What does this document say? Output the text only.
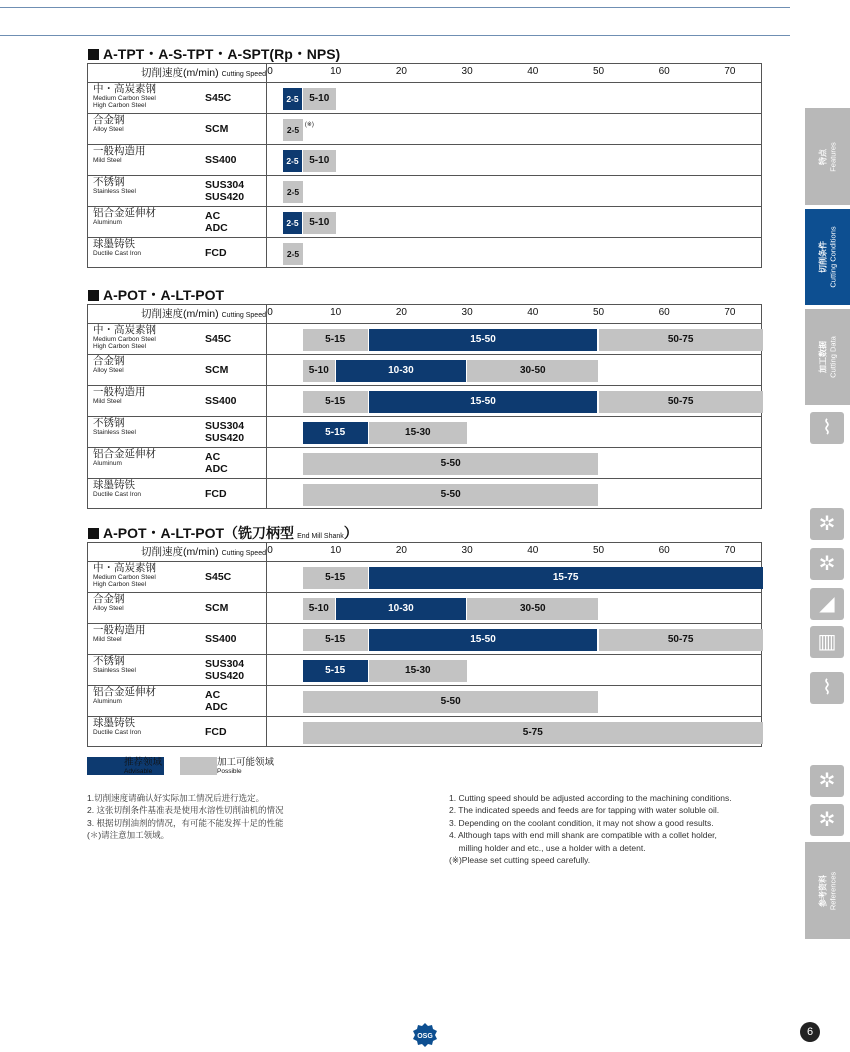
A-TPT・A-S-TPT・A-SPT(Rp・NPS)
切削速度(m/min) Cutting Speed 0	10	20	30	40	50	60	70
中・高炭素钢
Medium Carbon Steel
High Carbon Steel
S45C	2-5	5-10
合金钢
Alloy Steel	SCM	2-5 (※)
一般构造用
Mild Steel	SS400	2-5	5-10
不锈钢
Stainless Steel
SUS304
SUS420	2-5
铝合金延伸材
Aluminum
AC
ADC	2-5	5-10
球墨铸铁
Ductile Cast Iron	FCD	2-5
A-POT・A-LT-POT
切削速度(m/min) Cutting Speed 0	10	20	30	40	50	60	70
中・高炭素钢
Medium Carbon Steel
High Carbon Steel
S45C	5-15	15-50	50-75
合金钢
Alloy Steel	SCM	5-10	10-30	30-50
一般构造用
Mild Steel	SS400	5-15	15-50	50-75
不锈钢
Stainless Steel
SUS304
SUS420	5-15	15-30
铝合金延伸材
Aluminum
AC
ADC	5-50
球墨铸铁
Ductile Cast Iron	FCD	5-50
A-POT・A-LT-POT（铣刀柄型 End Mill Shank）
切削速度(m/min) Cutting Speed 0	10	20	30	40	50	60	70
中・高炭素钢
Medium Carbon Steel
High Carbon Steel
S45C	5-15	15-75
合金钢
Alloy Steel	SCM	5-10	10-30	30-50
一般构造用
Mild Steel	SS400	5-15	15-50	50-75
不锈钢
Stainless Steel
SUS304
SUS420	5-15	15-30
铝合金延伸材
Aluminum
AC
ADC	5-50
球墨铸铁
Ductile Cast Iron	FCD	5-75
推荐领域
Advisable
加工可能领域
Possible
1.切削速度请确认好实际加工情况后进行选定。
2. 这张切削条件基准表是使用水溶性切削油机的情况
3. 根据切削油剂的情况，有可能不能发挥十足的性能
(＊)请注意加工领域。
1. Cutting speed should be adjusted according to the machining conditions.
2. The indicated speeds and feeds are for tapping with water soluble oil.
3. Depending on the coolant condition, it may not show a good results.
4. Although taps with end mill shank are compatible with a collet holder,
milling holder and etc., use a holder with a detent.
(※)Please set cutting speed carefully.
特点 Features
切削条件 Cutting Conditions
加工数据 Cutting Data
⌇
A-SFT
✲
✲
◢
▥
⌇
A-POT
✲
✲
参考资料 References
OSG	6
